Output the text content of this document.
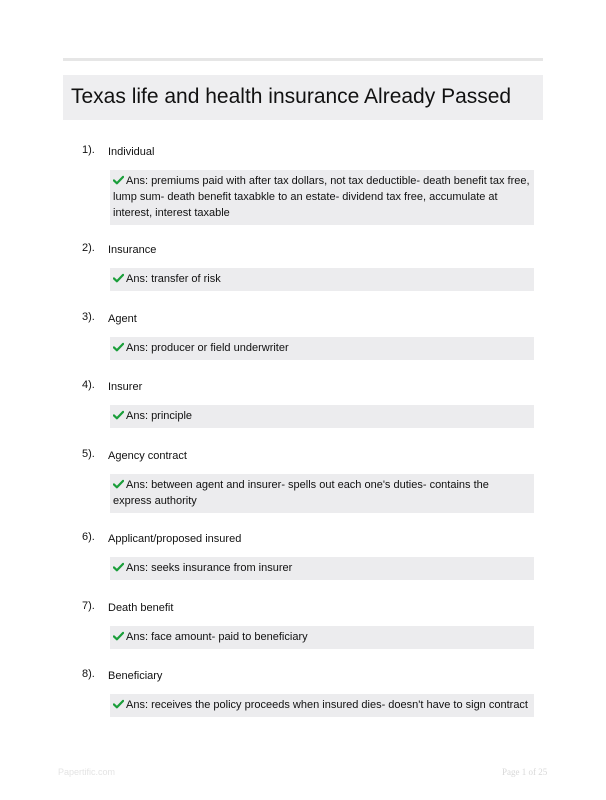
Texas life and health insurance Already Passed
1). Individual
Ans: premiums paid with after tax dollars, not tax deductible- death benefit tax free, lump sum- death benefit taxabkle to an estate- dividend tax free, accumulate at interest, interest taxable
2). Insurance
Ans: transfer of risk
3). Agent
Ans: producer or field underwriter
4). Insurer
Ans: principle
5). Agency contract
Ans: between agent and insurer- spells out each one's duties- contains the express authority
6). Applicant/proposed insured
Ans: seeks insurance from insurer
7). Death benefit
Ans: face amount- paid to beneficiary
8). Beneficiary
Ans: receives the policy proceeds when insured dies- doesn't have to sign contract
Papertific.com	Page 1 of 25
